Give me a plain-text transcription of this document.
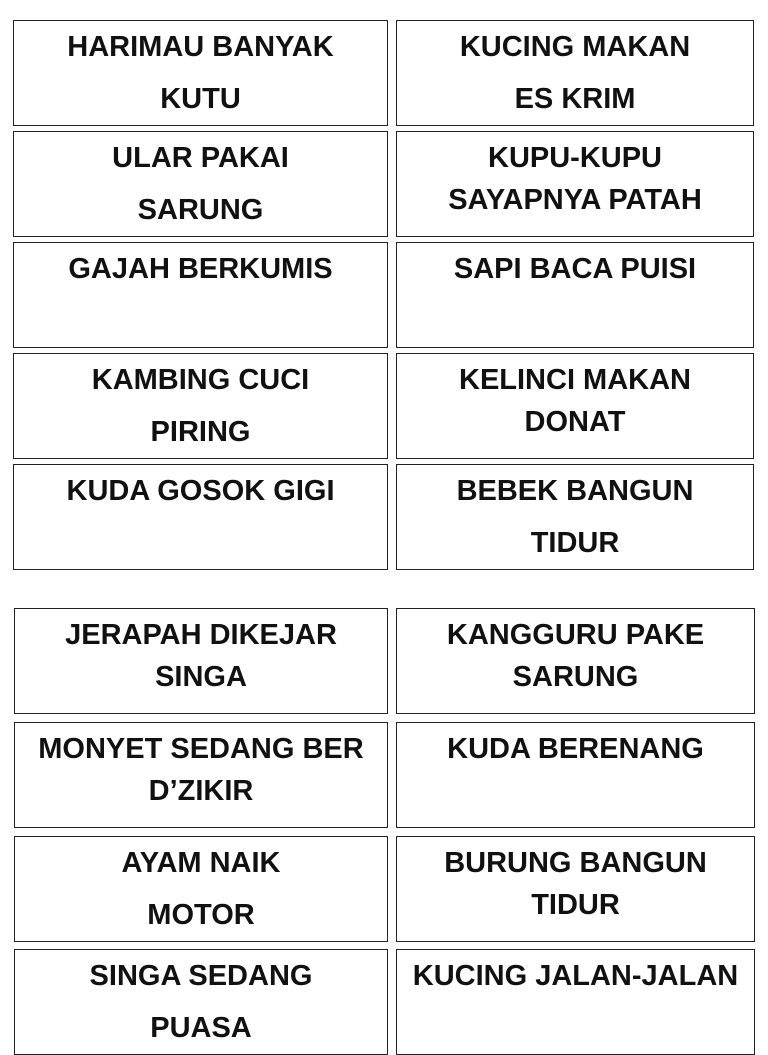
HARIMAU BANYAK
KUTU
ULAR PAKAI
SARUNG
GAJAH BERKUMIS
KAMBING CUCI
PIRING
KUDA GOSOK GIGI
KUCING MAKAN
ES KRIM
KUPU-KUPU
SAYAPNYA PATAH
SAPI BACA PUISI
KELINCI MAKAN
DONAT
BEBEK BANGUN
TIDUR
JERAPAH DIKEJAR
SINGA
MONYET SEDANG BER
D’ZIKIR
AYAM NAIK
MOTOR
SINGA SEDANG
PUASA
KANGGURU PAKE
SARUNG
KUDA BERENANG
BURUNG BANGUN
TIDUR
KUCING JALAN-JALAN
